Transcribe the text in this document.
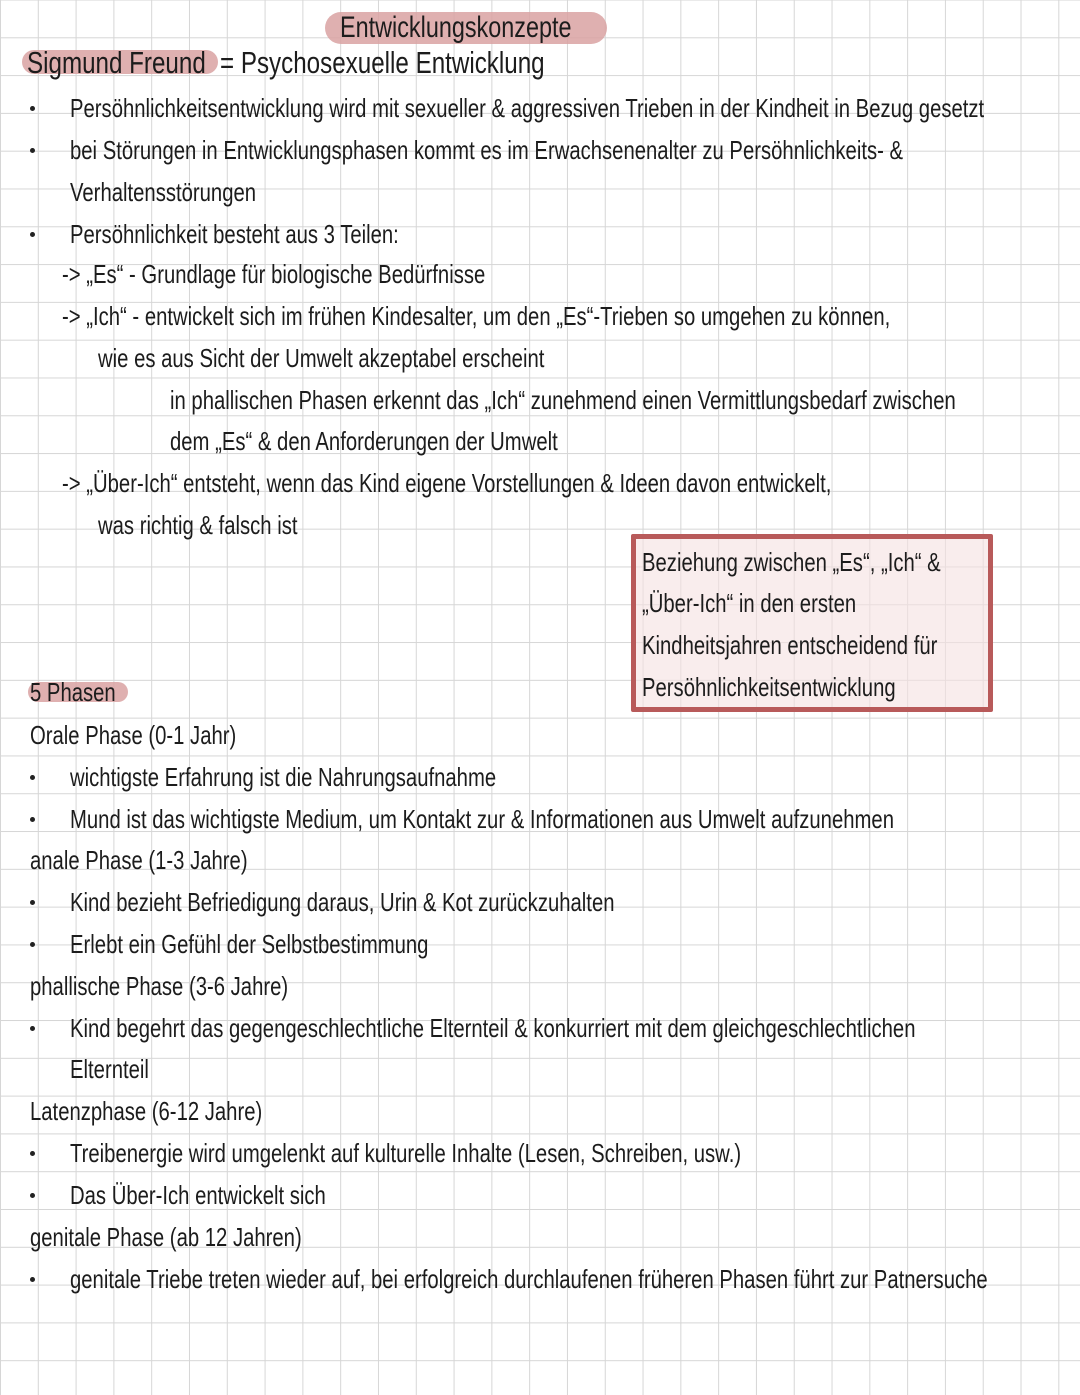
Entwicklungskonzepte
Sigmund Freund = Psychosexuelle Entwicklung
Persöhnlichkeitsentwicklung wird mit sexueller & aggressiven Trieben in der Kindheit in Bezug gesetzt
bei Störungen in Entwicklungsphasen kommt es im Erwachsenenalter zu Persöhnlichkeits- &
Verhaltensstörungen
Persöhnlichkeit besteht aus 3 Teilen:
-> „Es“ - Grundlage für biologische Bedürfnisse
-> „Ich“ - entwickelt sich im frühen Kindesalter, um den „Es“-Trieben so umgehen zu können,
wie es aus Sicht der Umwelt akzeptabel erscheint
in phallischen Phasen erkennt das „Ich“ zunehmend einen Vermittlungsbedarf zwischen
dem „Es“ & den Anforderungen der Umwelt
-> „Über-Ich“ entsteht, wenn das Kind eigene Vorstellungen & Ideen davon entwickelt,
was richtig & falsch ist
Beziehung zwischen „Es“, „Ich“ &
„Über-Ich“ in den ersten
Kindheitsjahren entscheidend für
Persöhnlichkeitsentwicklung
5 Phasen
Orale Phase (0-1 Jahr)
wichtigste Erfahrung ist die Nahrungsaufnahme
Mund ist das wichtigste Medium, um Kontakt zur & Informationen aus Umwelt aufzunehmen
anale Phase (1-3 Jahre)
Kind bezieht Befriedigung daraus, Urin & Kot zurückzuhalten
Erlebt ein Gefühl der Selbstbestimmung
phallische Phase (3-6 Jahre)
Kind begehrt das gegengeschlechtliche Elternteil & konkurriert mit dem gleichgeschlechtlichen
Elternteil
Latenzphase (6-12 Jahre)
Treibenergie wird umgelenkt auf kulturelle Inhalte (Lesen, Schreiben, usw.)
Das Über-Ich entwickelt sich
genitale Phase (ab 12 Jahren)
genitale Triebe treten wieder auf, bei erfolgreich durchlaufenen früheren Phasen führt zur Patnersuche
